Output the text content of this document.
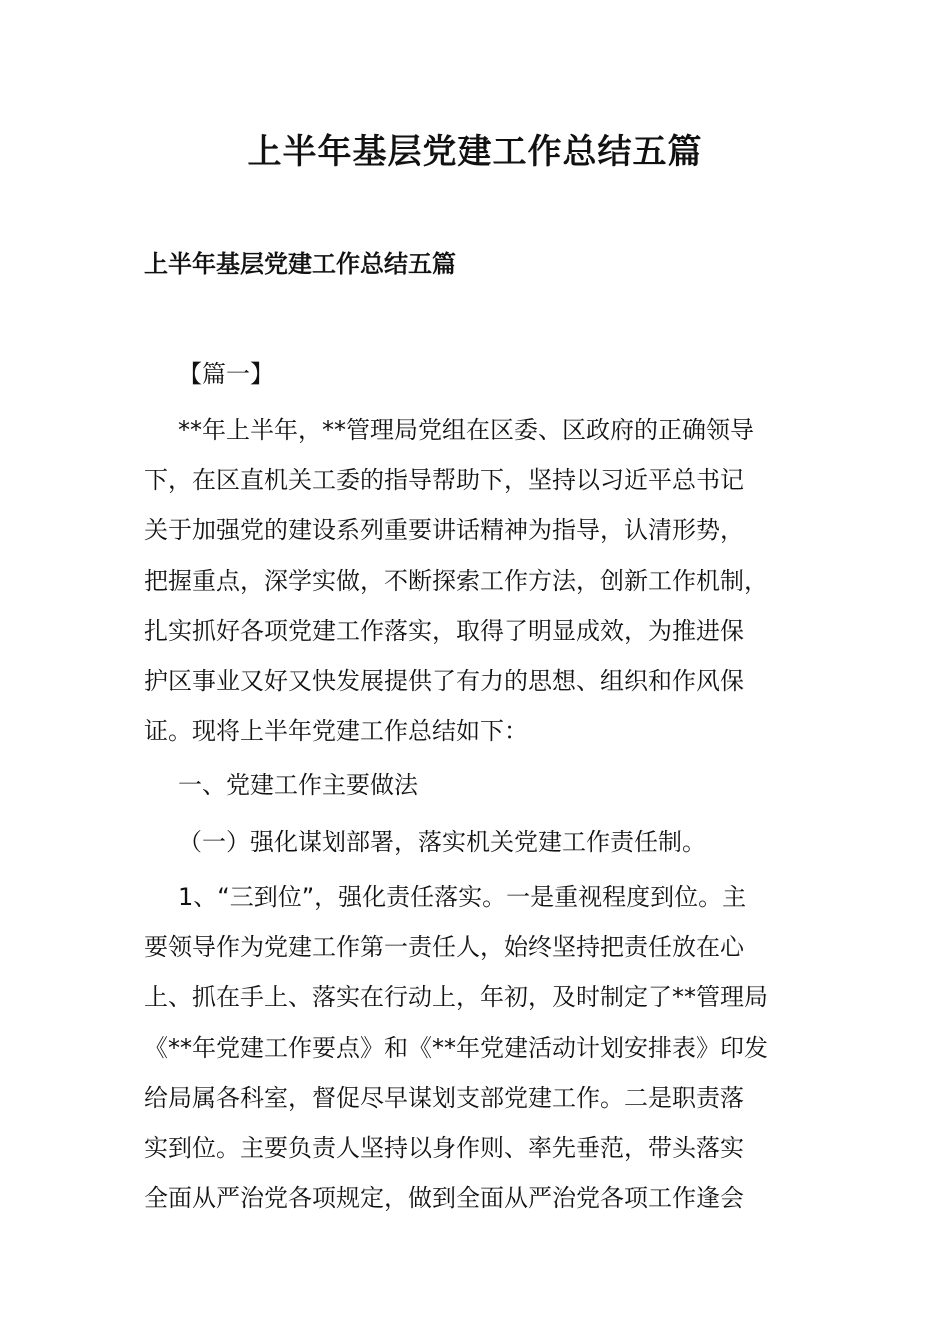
上半年基层党建工作总结五篇
上半年基层党建工作总结五篇
【篇一】

**年上半年，**管理局党组在区委、区政府的正确领导
下，在区直机关工委的指导帮助下，坚持以习近平总书记
关于加强党的建设系列重要讲话精神为指导，认清形势，
把握重点，深学实做，不断探索工作方法，创新工作机制，
扎实抓好各项党建工作落实，取得了明显成效，为推进保
护区事业又好又快发展提供了有力的思想、组织和作风保
证。现将上半年党建工作总结如下：

一、党建工作主要做法
（一）强化谋划部署，落实机关党建工作责任制。

1、“三到位”，强化责任落实。一是重视程度到位。主
要领导作为党建工作第一责任人，始终坚持把责任放在心
上、抓在手上、落实在行动上，年初，及时制定了**管理局
《**年党建工作要点》和《**年党建活动计划安排表》印发
给局属各科室，督促尽早谋划支部党建工作。二是职责落
实到位。主要负责人坚持以身作则、率先垂范，带头落实
全面从严治党各项规定，做到全面从严治党各项工作逢会
